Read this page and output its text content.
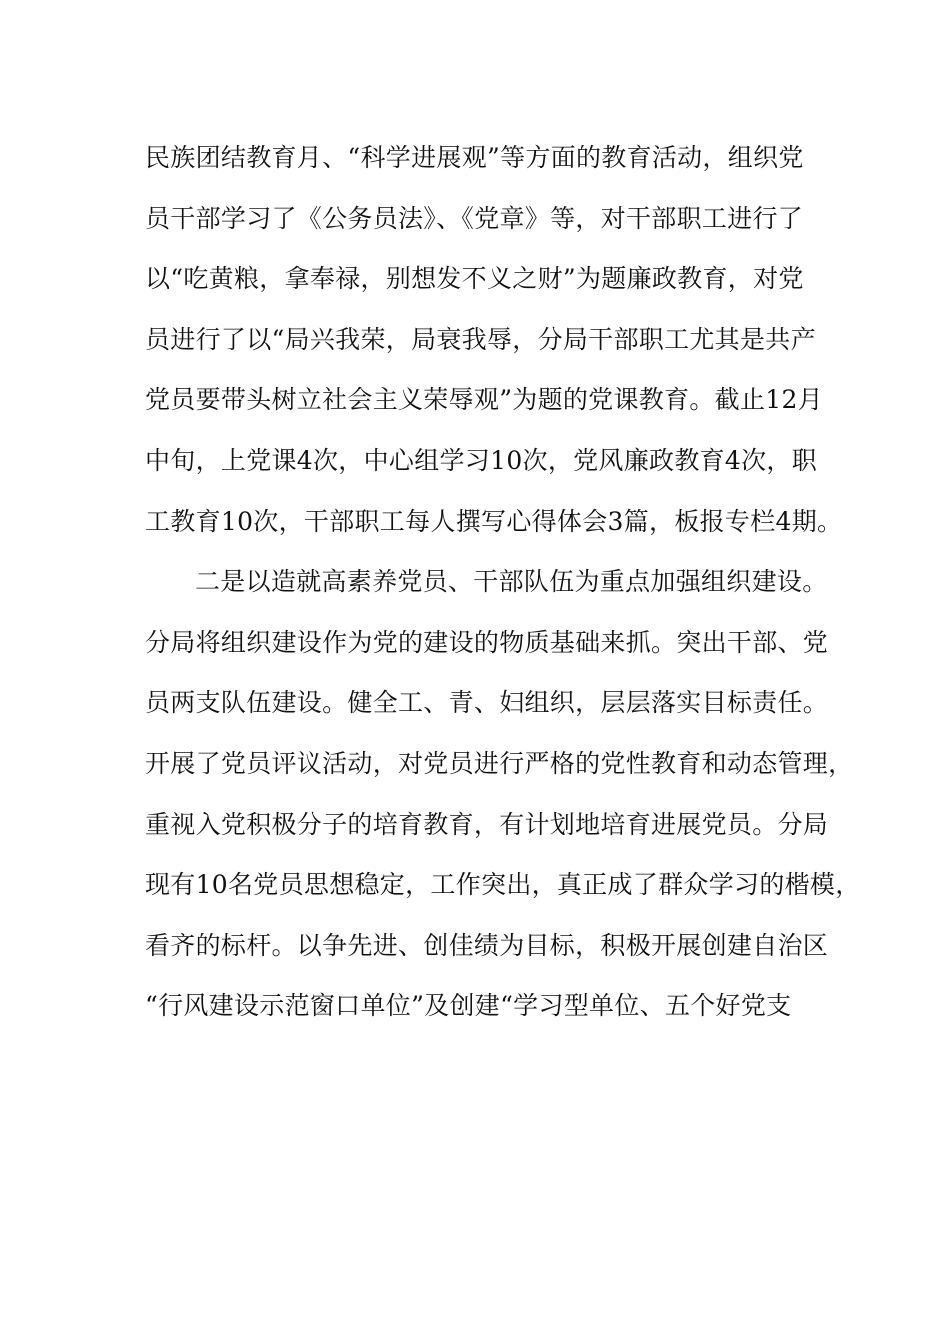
民族团结教育月、“科学进展观”等方面的教育活动，组织党
员干部学习了《公务员法》、《党章》等，对干部职工进行了
以“吃黄粮，拿奉禄，别想发不义之财”为题廉政教育，对党
员进行了以“局兴我荣，局衰我辱，分局干部职工尤其是共产
党员要带头树立社会主义荣辱观”为题的党课教育。截止12月
中旬，上党课4次，中心组学习10次，党风廉政教育4次，职
工教育10次，干部职工每人撰写心得体会3篇，板报专栏4期。
二是以造就高素养党员、干部队伍为重点加强组织建设。
分局将组织建设作为党的建设的物质基础来抓。突出干部、党
员两支队伍建设。健全工、青、妇组织，层层落实目标责任。
开展了党员评议活动，对党员进行严格的党性教育和动态管理，
重视入党积极分子的培育教育，有计划地培育进展党员。分局
现有10名党员思想稳定，工作突出，真正成了群众学习的楷模，
看齐的标杆。以争先进、创佳绩为目标，积极开展创建自治区
“行风建设示范窗口单位”及创建“学习型单位、五个好党支
